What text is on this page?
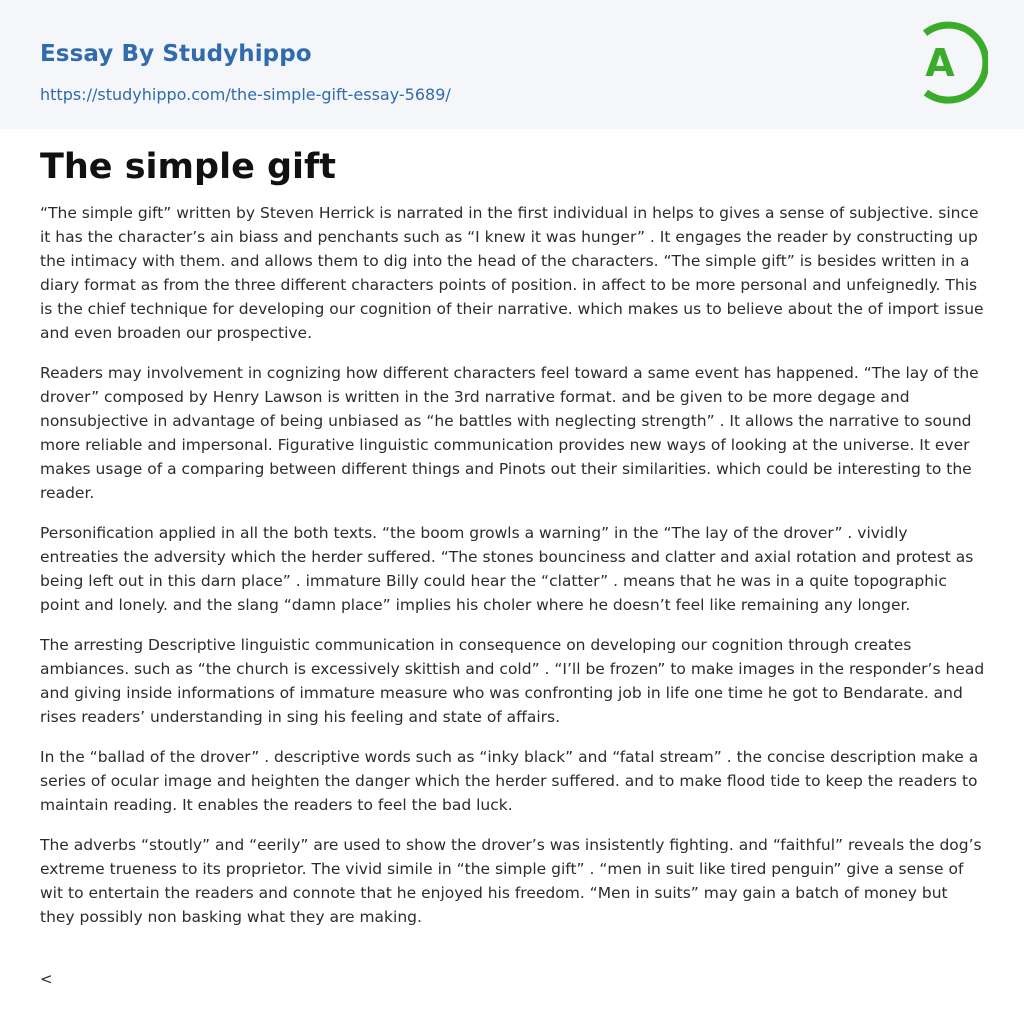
Essay By Studyhippo
https://studyhippo.com/the-simple-gift-essay-5689/
A
The simple gift

“The simple gift” written by Steven Herrick is narrated in the first individual in helps to gives a sense of subjective. since it has the character’s ain biass and penchants such as “I knew it was hunger” . It engages the reader by constructing up the intimacy with them. and allows them to dig into the head of the characters. “The simple gift” is besides written in a diary format as from the three different characters points of position. in affect to be more personal and unfeignedly. This is the chief technique for developing our cognition of their narrative. which makes us to believe about the of import issue and even broaden our prospective.

Readers may involvement in cognizing how different characters feel toward a same event has happened. “The lay of the drover” composed by Henry Lawson is written in the 3rd narrative format. and be given to be more degage and nonsubjective in advantage of being unbiased as “he battles with neglecting strength” . It allows the narrative to sound more reliable and impersonal. Figurative linguistic communication provides new ways of looking at the universe. It ever makes usage of a comparing between different things and Pinots out their similarities. which could be interesting to the reader.

Personification applied in all the both texts. “the boom growls a warning” in the “The lay of the drover” . vividly entreaties the adversity which the herder suffered. “The stones bounciness and clatter and axial rotation and protest as being left out in this darn place” . immature Billy could hear the “clatter” . means that he was in a quite topographic point and lonely. and the slang “damn place” implies his choler where he doesn’t feel like remaining any longer.

The arresting Descriptive linguistic communication in consequence on developing our cognition through creates ambiances. such as “the church is excessively skittish and cold” . “I’ll be frozen” to make images in the responder’s head and giving inside informations of immature measure who was confronting job in life one time he got to Bendarate. and rises readers’ understanding in sing his feeling and state of affairs.

In the “ballad of the drover” . descriptive words such as “inky black” and “fatal stream” . the concise description make a series of ocular image and heighten the danger which the herder suffered. and to make flood tide to keep the readers to maintain reading. It enables the readers to feel the bad luck.

The adverbs “stoutly” and “eerily” are used to show the drover’s was insistently fighting. and “faithful” reveals the dog’s extreme trueness to its proprietor. The vivid simile in “the simple gift” . “men in suit like tired penguin” give a sense of wit to entertain the readers and connote that he enjoyed his freedom. “Men in suits” may gain a batch of money but they possibly non basking what they are making.

<
